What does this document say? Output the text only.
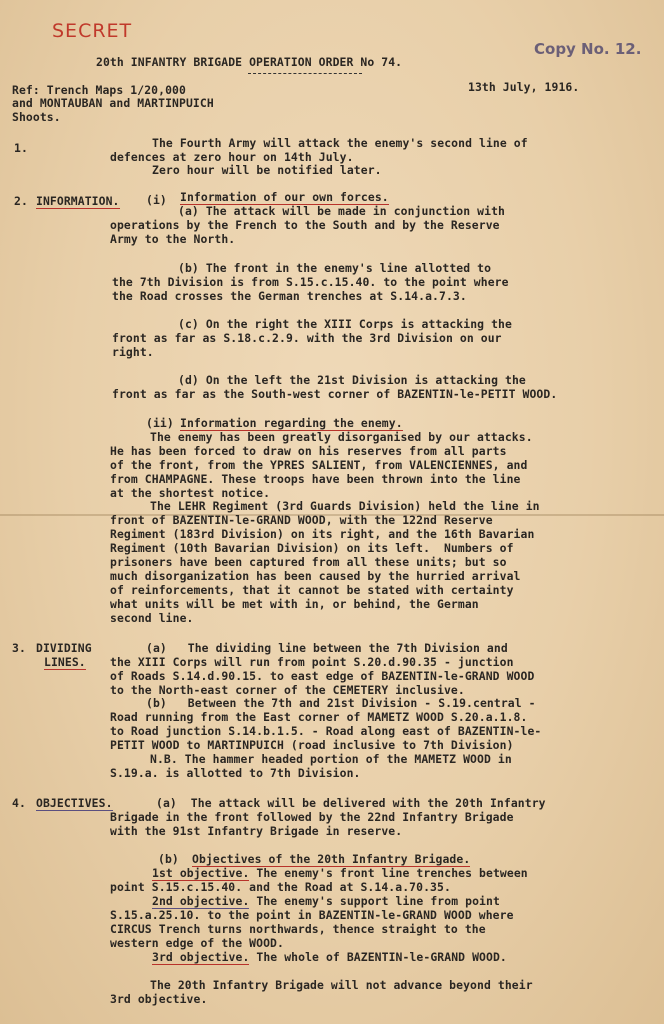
SECRET
Copy No. 12.
20th INFANTRY BRIGADE OPERATION ORDER No 74.
Ref: Trench Maps 1/20,000	13th July, 1916.
and MONTAUBAN and MARTINPUICH
Shoots.
1.	The Fourth Army will attack the enemy's second line of
defences at zero hour on 14th July.
Zero hour will be notified later.
2. INFORMATION. (i) Information of our own forces.
(a) The attack will be made in conjunction with
operations by the French to the South and by the Reserve
Army to the North.
(b) The front in the enemy's line allotted to
the 7th Division is from S.15.c.15.40. to the point where
the Road crosses the German trenches at S.14.a.7.3.
(c) On the right the XIII Corps is attacking the
front as far as S.18.c.2.9. with the 3rd Division on our
right.
(d) On the left the 21st Division is attacking the
front as far as the South-west corner of BAZENTIN-le-PETIT WOOD.
(ii) Information regarding the enemy.
The enemy has been greatly disorganised by our attacks.
He has been forced to draw on his reserves from all parts
of the front, from the YPRES SALIENT, from VALENCIENNES, and
from CHAMPAGNE. These troops have been thrown into the line
at the shortest notice.
The LEHR Regiment (3rd Guards Division) held the line in
front of BAZENTIN-le-GRAND WOOD, with the 122nd Reserve
Regiment (183rd Division) on its right, and the 16th Bavarian
Regiment (10th Bavarian Division) on its left.  Numbers of
prisoners have been captured from all these units; but so
much disorganization has been caused by the hurried arrival
of reinforcements, that it cannot be stated with certainty
what units will be met with in, or behind, the German
second line.
3. DIVIDING
LINES.
(a)   The dividing line between the 7th Division and
the XIII Corps will run from point S.20.d.90.35 - junction
of Roads S.14.d.90.15. to east edge of BAZENTIN-le-GRAND WOOD
to the North-east corner of the CEMETERY inclusive.
(b)   Between the 7th and 21st Division - S.19.central -
Road running from the East corner of MAMETZ WOOD S.20.a.1.8.
to Road junction S.14.b.1.5. - Road along east of BAZENTIN-le-
PETIT WOOD to MARTINPUICH (road inclusive to 7th Division)
N.B. The hammer headed portion of the MAMETZ WOOD in
S.19.a. is allotted to 7th Division.
4. OBJECTIVES.	(a)  The attack will be delivered with the 20th Infantry
Brigade in the front followed by the 22nd Infantry Brigade
with the 91st Infantry Brigade in reserve.
(b) Objectives of the 20th Infantry Brigade.
1st objective. The enemy's front line trenches between
point S.15.c.15.40. and the Road at S.14.a.70.35.
2nd objective. The enemy's support line from point
S.15.a.25.10. to the point in BAZENTIN-le-GRAND WOOD where
CIRCUS Trench turns northwards, thence straight to the
western edge of the WOOD.
3rd objective. The whole of BAZENTIN-le-GRAND WOOD.
The 20th Infantry Brigade will not advance beyond their
3rd objective.
